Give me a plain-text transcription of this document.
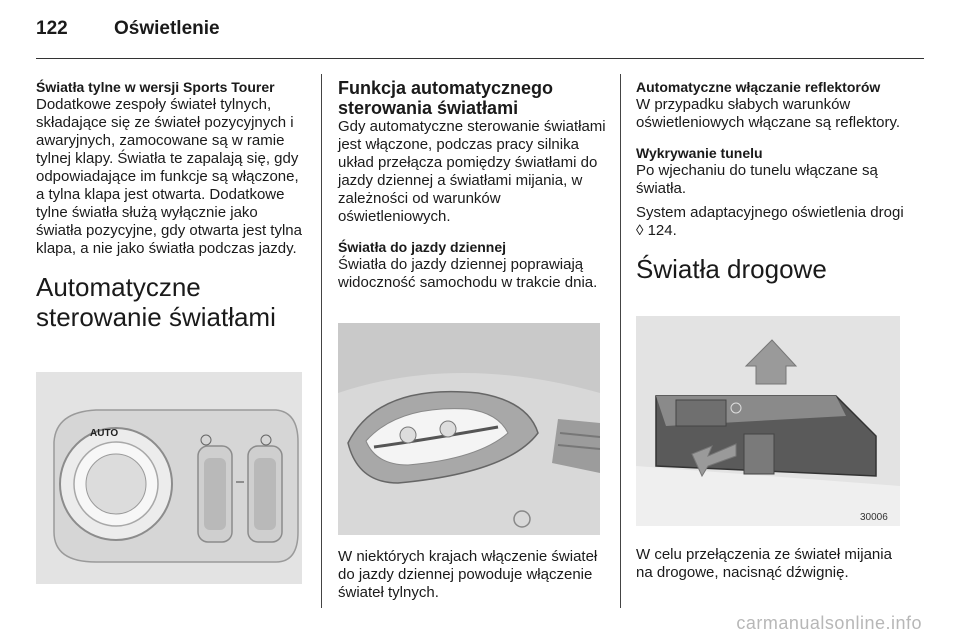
122 Oświetlenie
Światła tylne w wersji Sports Tourer

Dodatkowe zespoły świateł tylnych, składające się ze świateł pozycyjnych i awaryjnych, zamocowane są w ramie tylnej klapy. Światła te zapalają się, gdy odpowiadające im funkcje są włączone, a tylna klapa jest otwarta. Dodatkowe tylne światła służą wyłącznie jako światła pozycyjne, gdy otwarta jest tylna klapa, a nie jako światła podczas jazdy.

Automatyczne sterowanie światłami
AUTO
Funkcja automatycznego sterowania światłami

Gdy automatyczne sterowanie światłami jest włączone, podczas pracy silnika układ przełącza pomiędzy światłami do jazdy dziennej a światłami mijania, w zależności od warunków oświetleniowych.

Światła do jazdy dziennej

Światła do jazdy dziennej poprawiają widoczność samochodu w trakcie dnia.

W niektórych krajach włączenie świateł do jazdy dziennej powoduje włączenie świateł tylnych.

Automatyczne włączanie reflektorów

W przypadku słabych warunków oświetleniowych włączane są reflektory.

Wykrywanie tunelu

Po wjechaniu do tunelu włączane są światła.

System adaptacyjnego oświetlenia drogi ◊ 124.

Światła drogowe
30006

W celu przełączenia ze świateł mijania na drogowe, nacisnąć dźwignię.

carmanualsonline.info
